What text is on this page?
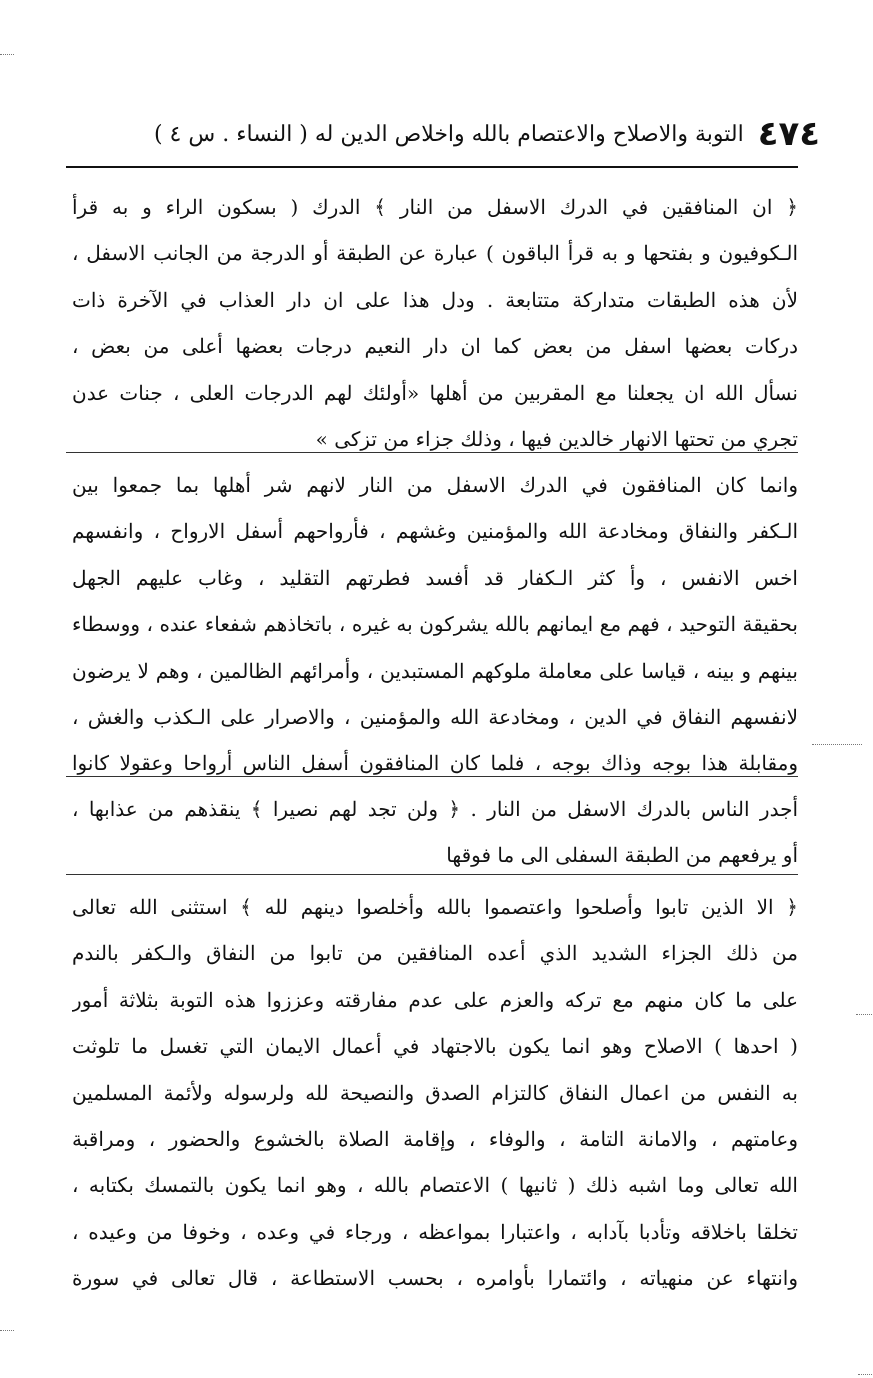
٤٧٤
التوبة والاصلاح والاعتصام بالله واخلاص الدين له ( النساء . س ٤ )
﴿ ان المنافقين في الدرك الاسفل من النار ﴾ الدرك ( بسكون الراء و به قرأ
الـكوفيون و بفتحها و به قرأ الباقون ) عبارة عن الطبقة أو الدرجة من الجانب الاسفل ،
لأن هذه الطبقات متداركة متتابعة . ودل هذا على ان دار العذاب في الآخرة ذات
دركات بعضها اسفل من بعض كما ان دار النعيم درجات بعضها أعلى من بعض ،
نسأل الله ان يجعلنا مع المقربين من أهلها «أولئك لهم الدرجات العلى ، جنات عدن
تجري من تحتها الانهار خالدين فيها ، وذلك جزاء من تزكى »
وانما كان المنافقون في الدرك الاسفل من النار لانهم شر أهلها بما جمعوا بين
الـكفر والنفاق ومخادعة الله والمؤمنين وغشهم ، فأرواحهم أسفل الارواح ، وانفسهم
اخس الانفس ، وأ كثر الـكفار قد أفسد فطرتهم التقليد ، وغاب عليهم الجهل
بحقيقة التوحيد ، فهم مع ايمانهم بالله يشركون به غيره ، باتخاذهم شفعاء عنده ، ووسطاء
بينهم و بينه ، قياسا على معاملة ملوكهم المستبدين ، وأمرائهم الظالمين ، وهم لا يرضون
لانفسهم النفاق في الدين ، ومخادعة الله والمؤمنين ، والاصرار على الـكذب والغش ،
ومقابلة هذا بوجه وذاك بوجه ، فلما كان المنافقون أسفل الناس أرواحا وعقولا كانوا
أجدر الناس بالدرك الاسفل من النار . ﴿ ولن تجد لهم نصيرا ﴾ ينقذهم من عذابها ،
أو يرفعهم من الطبقة السفلى الى ما فوقها
﴿ الا الذين تابوا وأصلحوا واعتصموا بالله وأخلصوا دينهم لله ﴾ استثنى الله تعالى
من ذلك الجزاء الشديد الذي أعده المنافقين من تابوا من النفاق والـكفر بالندم
على ما كان منهم مع تركه والعزم على عدم مفارقته وعززوا هذه التوبة بثلاثة أمور
( احدها ) الاصلاح وهو انما يكون بالاجتهاد في أعمال الايمان التي تغسل ما تلوثت
به النفس من اعمال النفاق كالتزام الصدق والنصيحة لله ولرسوله ولأئمة المسلمين
وعامتهم ، والامانة التامة ، والوفاء ، وإقامة الصلاة بالخشوع والحضور ، ومراقبة
الله تعالى وما اشبه ذلك ( ثانيها ) الاعتصام بالله ، وهو انما يكون بالتمسك بكتابه ،
تخلقا باخلاقه وتأدبا بآدابه ، واعتبارا بمواعظه ، ورجاء في وعده ، وخوفا من وعيده ،
وانتهاء عن منهياته ، وائتمارا بأوامره ، بحسب الاستطاعة ، قال تعالى في سورة
